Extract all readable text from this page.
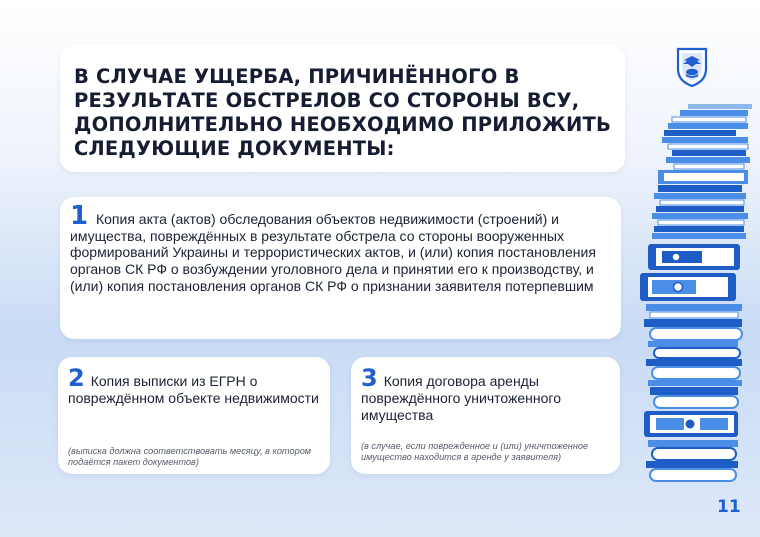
В СЛУЧАЕ УЩЕРБА, ПРИЧИНЁННОГО В РЕЗУЛЬТАТЕ ОБСТРЕЛОВ СО СТОРОНЫ ВСУ, ДОПОЛНИТЕЛЬНО НЕОБХОДИМО ПРИЛОЖИТЬ СЛЕДУЮЩИЕ ДОКУМЕНТЫ:

1 Копия акта (актов) обследования объектов недвижимости (строений) и имущества, повреждённых в результате обстрела со стороны вооруженных формирований Украины и террористических актов, и (или) копия постановления органов СК РФ о возбуждении уголовного дела и принятии его к производству, и (или) копия постановления органов СК РФ о признании заявителя потерпевшим

2 Копия выписки из ЕГРН о повреждённом объекте недвижимости

(выписка должна соответствовать месяцу, в котором подаётся пакет документов)

3 Копия договора аренды повреждённого уничтоженного имущества

(в случае, если поврежденное и (или) уничтоженное имущество находится в аренде у заявителя)

11
